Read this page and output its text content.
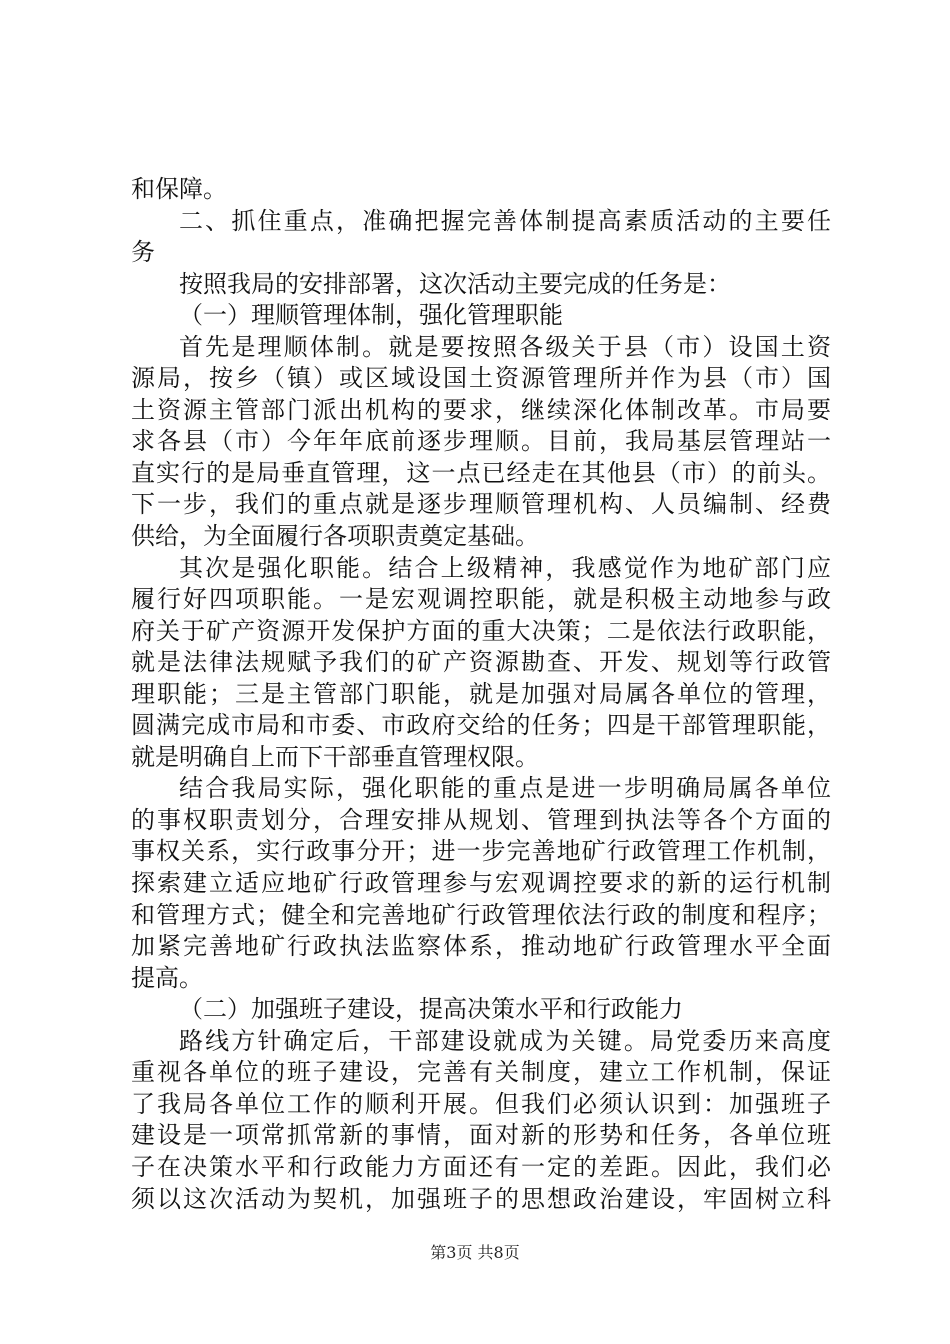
和保障。
二、抓住重点，准确把握完善体制提高素质活动的主要任
务
按照我局的安排部署，这次活动主要完成的任务是：
（一）理顺管理体制，强化管理职能
首先是理顺体制。就是要按照各级关于县（市）设国土资
源局，按乡（镇）或区域设国土资源管理所并作为县（市）国
土资源主管部门派出机构的要求，继续深化体制改革。市局要
求各县（市）今年年底前逐步理顺。目前，我局基层管理站一
直实行的是局垂直管理，这一点已经走在其他县（市）的前头。
下一步，我们的重点就是逐步理顺管理机构、人员编制、经费
供给，为全面履行各项职责奠定基础。
其次是强化职能。结合上级精神，我感觉作为地矿部门应
履行好四项职能。一是宏观调控职能，就是积极主动地参与政
府关于矿产资源开发保护方面的重大决策；二是依法行政职能，
就是法律法规赋予我们的矿产资源勘查、开发、规划等行政管
理职能；三是主管部门职能，就是加强对局属各单位的管理，
圆满完成市局和市委、市政府交给的任务；四是干部管理职能，
就是明确自上而下干部垂直管理权限。
结合我局实际，强化职能的重点是进一步明确局属各单位
的事权职责划分，合理安排从规划、管理到执法等各个方面的
事权关系，实行政事分开；进一步完善地矿行政管理工作机制，
探索建立适应地矿行政管理参与宏观调控要求的新的运行机制
和管理方式；健全和完善地矿行政管理依法行政的制度和程序；
加紧完善地矿行政执法监察体系，推动地矿行政管理水平全面
提高。
（二）加强班子建设，提高决策水平和行政能力
路线方针确定后，干部建设就成为关键。局党委历来高度
重视各单位的班子建设，完善有关制度，建立工作机制，保证
了我局各单位工作的顺利开展。但我们必须认识到：加强班子
建设是一项常抓常新的事情，面对新的形势和任务，各单位班
子在决策水平和行政能力方面还有一定的差距。因此，我们必
须以这次活动为契机，加强班子的思想政治建设，牢固树立科
第3页 共8页
